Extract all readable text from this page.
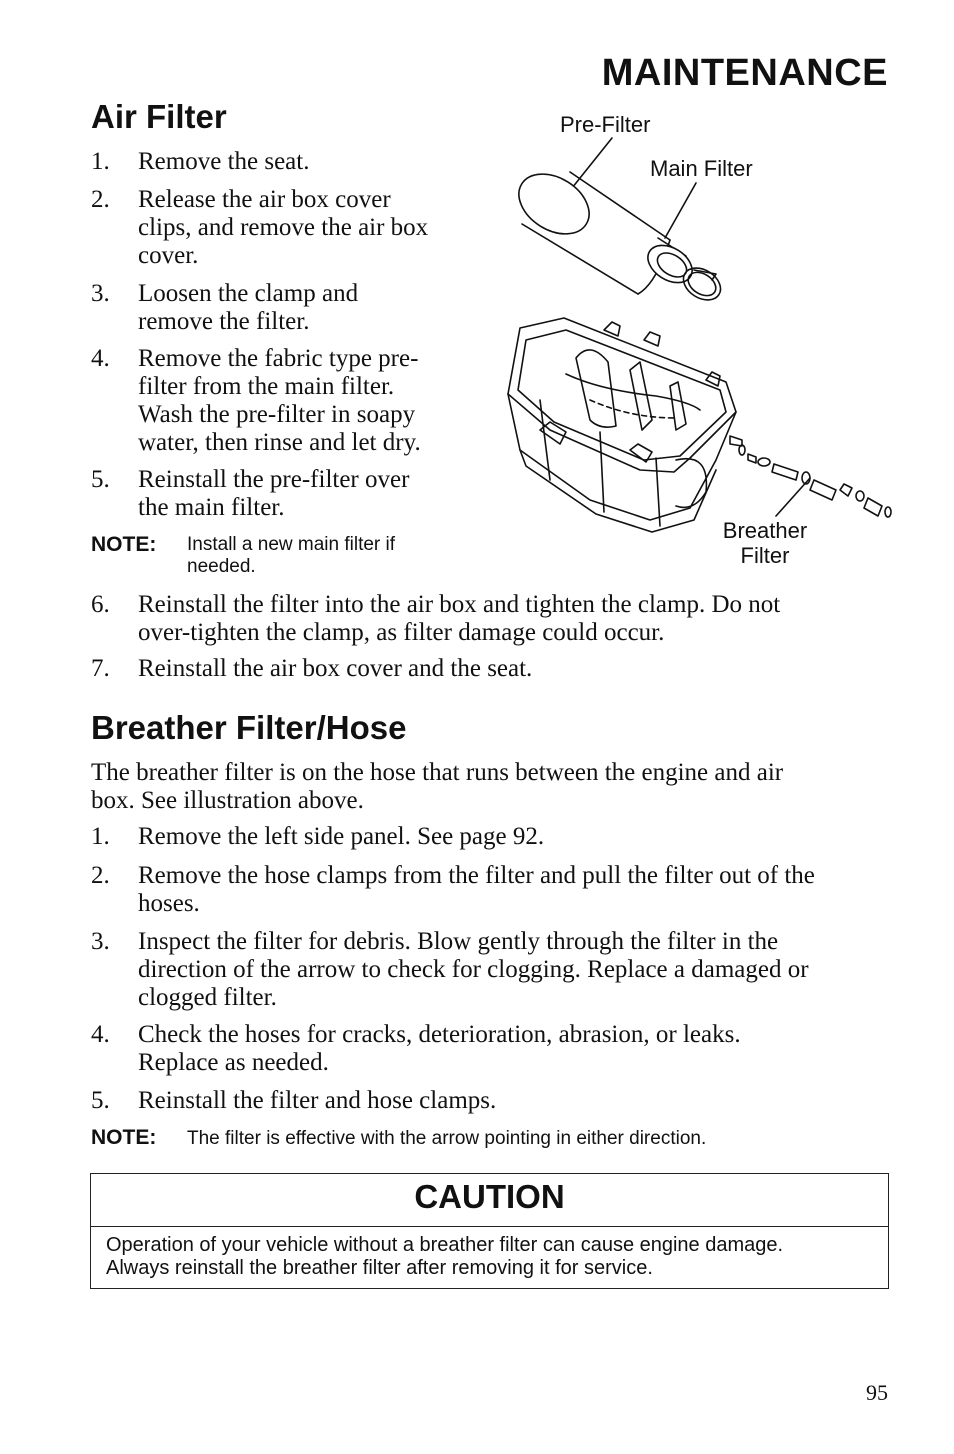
MAINTENANCE
Air Filter
1.	Remove the seat.
2.	Release the air box cover
clips, and remove the air box
cover.
3.	Loosen the clamp and
remove the filter.
4.	Remove the fabric type pre-
filter from the main filter.
Wash the pre-filter in soapy
water, then rinse and let dry.
5.	Reinstall the pre-filter over
the main filter.
NOTE: Install a new main filter if
needed.
6.	Reinstall the filter into the air box and tighten the clamp. Do not
over-tighten the clamp, as filter damage could occur.
7.	Reinstall the air box cover and the seat.
Pre-Filter
Main Filter
Breather
Filter
Breather Filter/Hose
The breather filter is on the hose that runs between the engine and air
box. See illustration above.
1.	Remove the left side panel. See page 92.
2.	Remove the hose clamps from the filter and pull the filter out of the
hoses.
3.	Inspect the filter for debris. Blow gently through the filter in the
direction of the arrow to check for clogging. Replace a damaged or
clogged filter.
4.	Check the hoses for cracks, deterioration, abrasion, or leaks.
Replace as needed.
5.	Reinstall the filter and hose clamps.
NOTE: The filter is effective with the arrow pointing in either direction.
CAUTION
Operation of your vehicle without a breather filter can cause engine damage.
Always reinstall the breather filter after removing it for service.
95
